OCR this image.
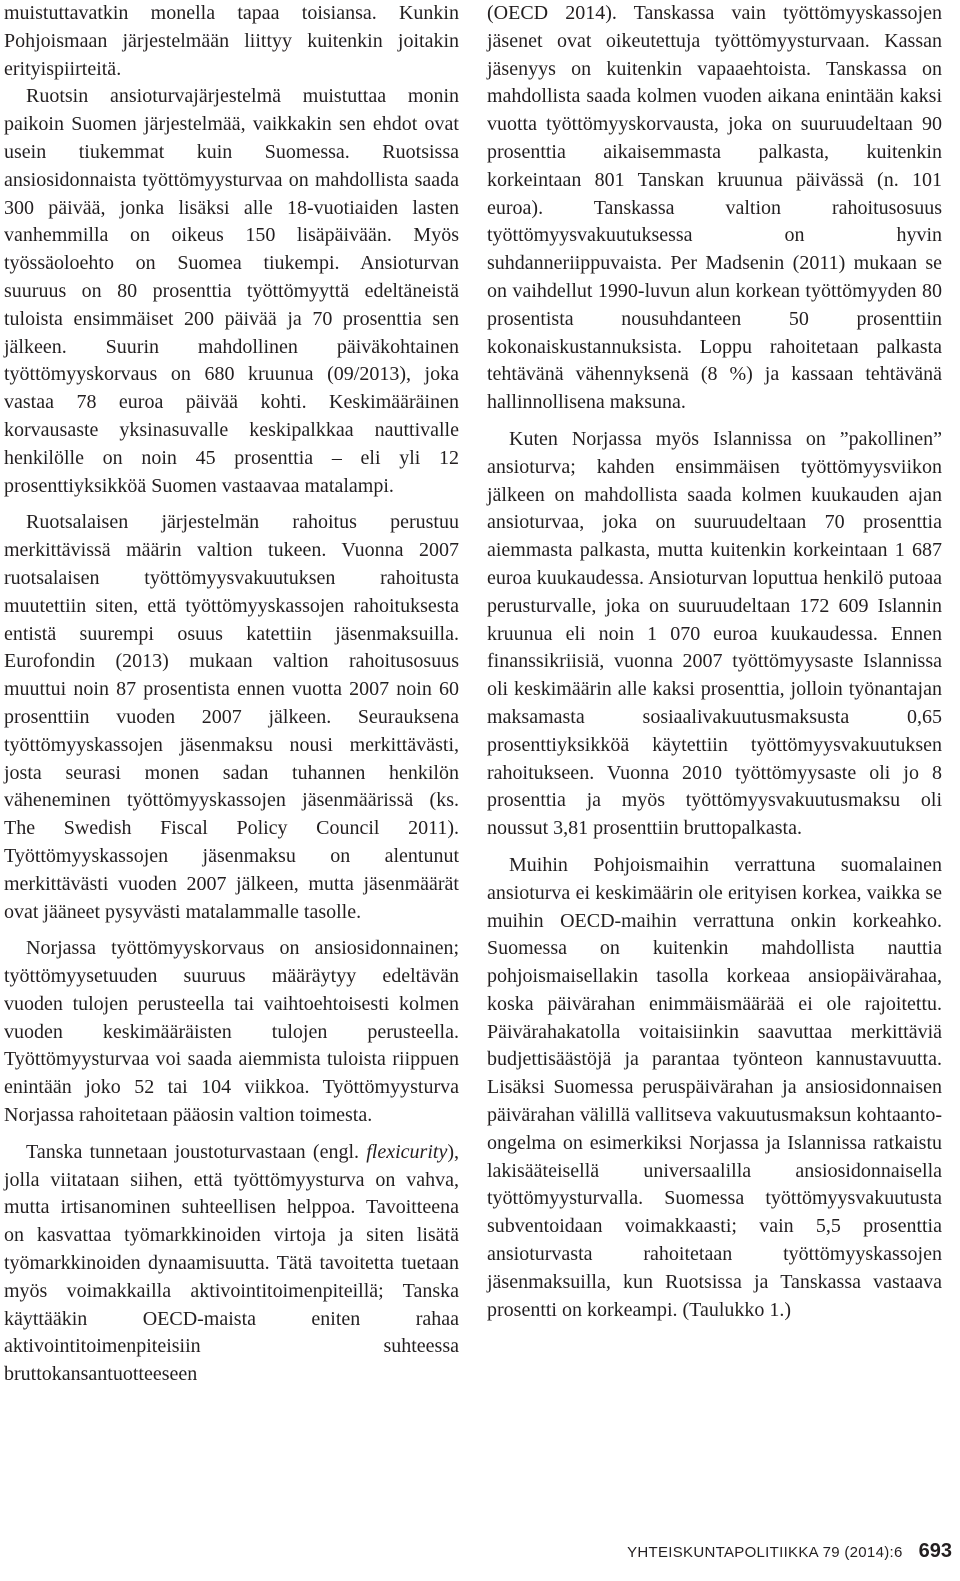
muistuttavatkin monella tapaa toisiansa. Kunkin Pohjoismaan järjestelmään liittyy kuitenkin joitakin erityispiirteitä.

Ruotsin ansioturvajärjestelmä muistuttaa monin paikoin Suomen järjestelmää, vaikkakin sen ehdot ovat usein tiukemmat kuin Suomessa. Ruotsissa ansiosidonnaista työttömyysturvaa on mahdollista saada 300 päivää, jonka lisäksi alle 18-vuotiaiden lasten vanhemmilla on oikeus 150 lisäpäivään. Myös työssäoloehto on Suomea tiukempi. Ansioturvan suuruus on 80 prosenttia työttömyyttä edeltäneistä tuloista ensimmäiset 200 päivää ja 70 prosenttia sen jälkeen. Suurin mahdollinen päiväkohtainen työttömyyskorvaus on 680 kruunua (09/2013), joka vastaa 78 euroa päivää kohti. Keskimääräinen korvausaste yksinasuvalle keskipalkkaa nauttivalle henkilölle on noin 45 prosenttia – eli yli 12 prosenttiyksikköä Suomen vastaavaa matalampi.

Ruotsalaisen järjestelmän rahoitus perustuu merkittävissä määrin valtion tukeen. Vuonna 2007 ruotsalaisen työttömyysvakuutuksen rahoitusta muutettiin siten, että työttömyyskassojen rahoituksesta entistä suurempi osuus katettiin jäsenmaksuilla. Eurofondin (2013) mukaan valtion rahoitusosuus muuttui noin 87 prosentista ennen vuotta 2007 noin 60 prosenttiin vuoden 2007 jälkeen. Seurauksena työttömyyskassojen jäsenmaksu nousi merkittävästi, josta seurasi monen sadan tuhannen henkilön väheneminen työttömyyskassojen jäsenmäärissä (ks. The Swedish Fiscal Policy Council 2011). Työttömyyskassojen jäsenmaksu on alentunut merkittävästi vuoden 2007 jälkeen, mutta jäsenmäärät ovat jääneet pysyvästi matalammalle tasolle.

Norjassa työttömyyskorvaus on ansiosidonnainen; työttömyysetuuden suuruus määräytyy edeltävän vuoden tulojen perusteella tai vaihtoehtoisesti kolmen vuoden keskimääräisten tulojen perusteella. Työttömyysturvaa voi saada aiemmista tuloista riippuen enintään joko 52 tai 104 viikkoa. Työttömyysturva Norjassa rahoitetaan pääosin valtion toimesta.

Tanska tunnetaan joustoturvastaan (engl. flexicurity), jolla viitataan siihen, että työttömyysturva on vahva, mutta irtisanominen suhteellisen helppoa. Tavoitteena on kasvattaa työmarkkinoiden virtoja ja siten lisätä työmarkkinoiden dynaamisuutta. Tätä tavoitetta tuetaan myös voimakkailla aktivointitoimenpiteillä; Tanska käyttääkin OECD-maista eniten rahaa aktivointitoimenpiteisiin suhteessa bruttokansantuotteeseen

(OECD 2014). Tanskassa vain työttömyyskassojen jäsenet ovat oikeutettuja työttömyysturvaan. Kassan jäsenyys on kuitenkin vapaaehtoista. Tanskassa on mahdollista saada kolmen vuoden aikana enintään kaksi vuotta työttömyyskorvausta, joka on suuruudeltaan 90 prosenttia aikaisemmasta palkasta, kuitenkin korkeintaan 801 Tanskan kruunua päivässä (n. 101 euroa). Tanskassa valtion rahoitusosuus työttömyysvakuutuksessa on hyvin suhdanneriippuvaista. Per Madsenin (2011) mukaan se on vaihdellut 1990-luvun alun korkean työttömyyden 80 prosentista nousuhdanteen 50 prosenttiin kokonaiskustannuksista. Loppu rahoitetaan palkasta tehtävänä vähennyksenä (8 %) ja kassaan tehtävänä hallinnollisena maksuna.

Kuten Norjassa myös Islannissa on ”pakollinen” ansioturva; kahden ensimmäisen työttömyysviikon jälkeen on mahdollista saada kolmen kuukauden ajan ansioturvaa, joka on suuruudeltaan 70 prosenttia aiemmasta palkasta, mutta kuitenkin korkeintaan 1 687 euroa kuukaudessa. Ansioturvan loputtua henkilö putoaa perusturvalle, joka on suuruudeltaan 172 609 Islannin kruunua eli noin 1 070 euroa kuukaudessa. Ennen finanssikriisiä, vuonna 2007 työttömyysaste Islannissa oli keskimäärin alle kaksi prosenttia, jolloin työnantajan maksamasta sosiaalivakuutusmaksusta 0,65 prosenttiyksikköä käytettiin työttömyysvakuutuksen rahoitukseen. Vuonna 2010 työttömyysaste oli jo 8 prosenttia ja myös työttömyysvakuutusmaksu oli noussut 3,81 prosenttiin bruttopalkasta.

Muihin Pohjoismaihin verrattuna suomalainen ansioturva ei keskimäärin ole erityisen korkea, vaikka se muihin OECD-maihin verrattuna onkin korkeahko. Suomessa on kuitenkin mahdollista nauttia pohjoismaisellakin tasolla korkeaa ansiopäivärahaa, koska päivärahan enimmäismäärää ei ole rajoitettu. Päivärahakatolla voitaisiinkin saavuttaa merkittäviä budjettisäästöjä ja parantaa työnteon kannustavuutta. Lisäksi Suomessa peruspäivärahan ja ansiosidonnaisen päivärahan välillä vallitseva vakuutusmaksun kohtaanto-ongelma on esimerkiksi Norjassa ja Islannissa ratkaistu lakisääteisellä universaalilla ansiosidonnaisella työttömyysturvalla. Suomessa työttömyysvakuutusta subventoidaan voimakkaasti; vain 5,5 prosenttia ansioturvasta rahoitetaan työttömyyskassojen jäsenmaksuilla, kun Ruotsissa ja Tanskassa vastaava prosentti on korkeampi. (Taulukko 1.)

YHTEISKUNTAPOLITIIKKA 79 (2014):6 693
